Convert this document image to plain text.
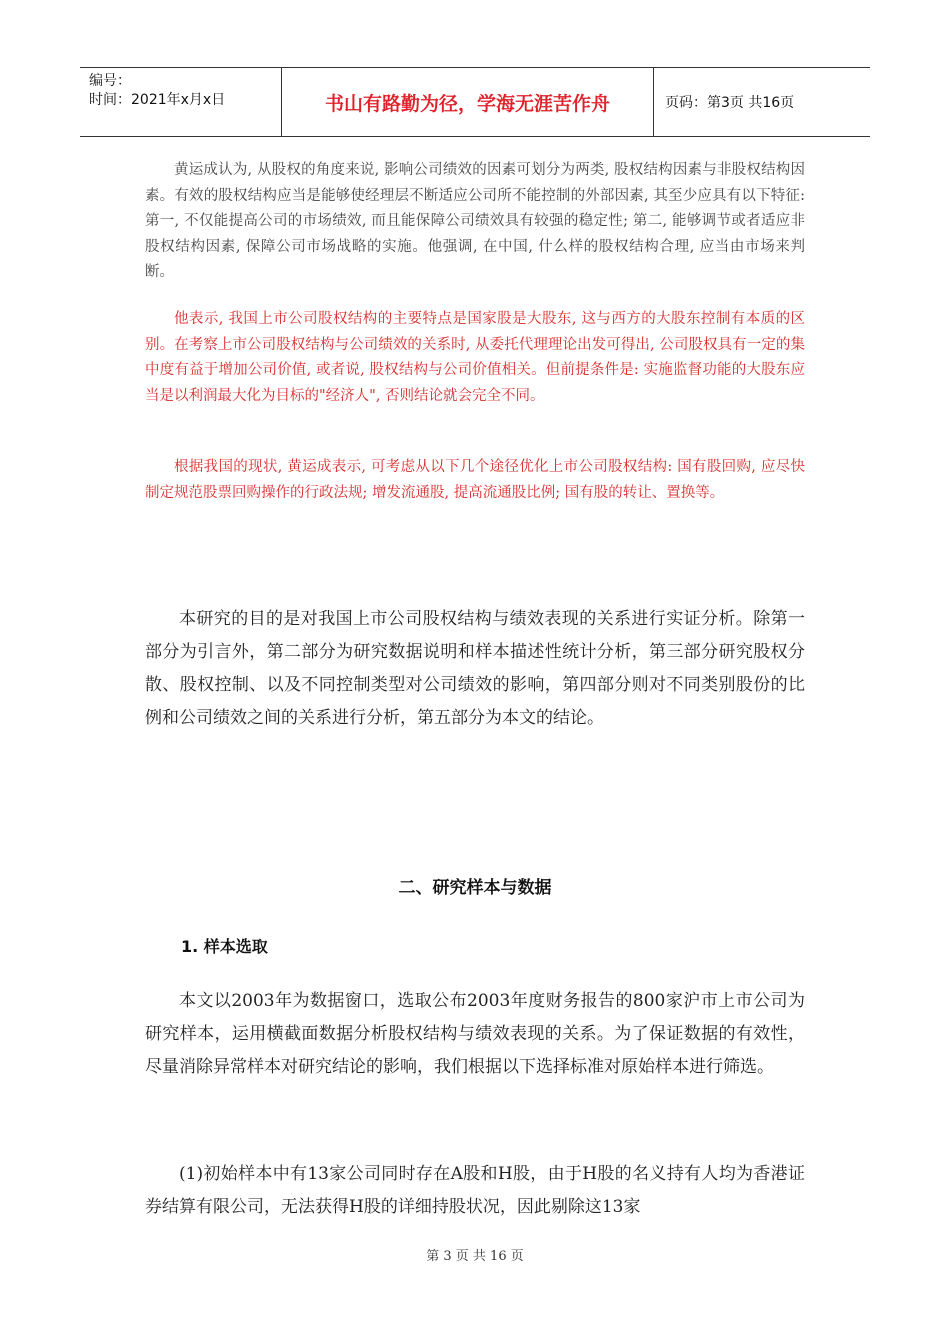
编号：
时间：2021年x月x日	书山有路勤为径，学海无涯苦作舟	页码：第3页 共16页

黄运成认为, 从股权的角度来说, 影响公司绩效的因素可划分为两类, 股权结构因素与非股权结构因素。有效的股权结构应当是能够使经理层不断适应公司所不能控制的外部因素, 其至少应具有以下特征: 第一, 不仅能提高公司的市场绩效, 而且能保障公司绩效具有较强的稳定性; 第二, 能够调节或者适应非股权结构因素, 保障公司市场战略的实施。他强调, 在中国, 什么样的股权结构合理, 应当由市场来判断。

他表示, 我国上市公司股权结构的主要特点是国家股是大股东, 这与西方的大股东控制有本质的区别。在考察上市公司股权结构与公司绩效的关系时, 从委托代理理论出发可得出, 公司股权具有一定的集中度有益于增加公司价值, 或者说, 股权结构与公司价值相关。但前提条件是: 实施监督功能的大股东应当是以利润最大化为目标的"经济人", 否则结论就会完全不同。

根据我国的现状, 黄运成表示, 可考虑从以下几个途径优化上市公司股权结构: 国有股回购, 应尽快制定规范股票回购操作的行政法规; 增发流通股, 提高流通股比例; 国有股的转让、置换等。

本研究的目的是对我国上市公司股权结构与绩效表现的关系进行实证分析。除第一部分为引言外，第二部分为研究数据说明和样本描述性统计分析，第三部分研究股权分散、股权控制、以及不同控制类型对公司绩效的影响，第四部分则对不同类别股份的比例和公司绩效之间的关系进行分析，第五部分为本文的结论。

二、研究样本与数据
1. 样本选取

本文以2003年为数据窗口，选取公布2003年度财务报告的800家沪市上市公司为研究样本，运用横截面数据分析股权结构与绩效表现的关系。为了保证数据的有效性，尽量消除异常样本对研究结论的影响，我们根据以下选择标准对原始样本进行筛选。

(1)初始样本中有13家公司同时存在A股和H股，由于H股的名义持有人均为香港证券结算有限公司，无法获得H股的详细持股状况，因此剔除这13家

第 3 页 共 16 页
